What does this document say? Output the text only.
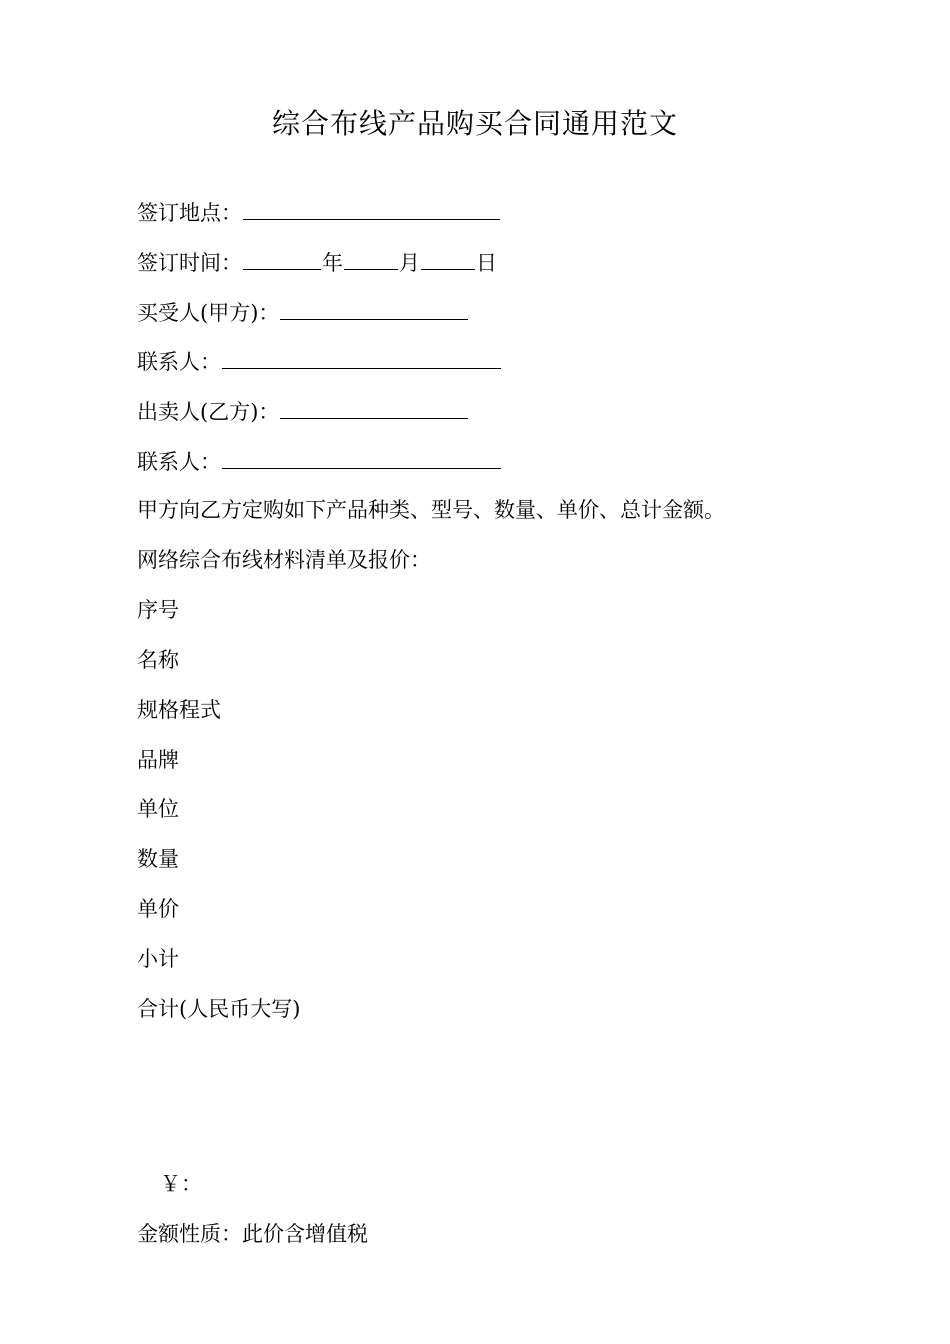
综合布线产品购买合同通用范文
签订地点：
签订时间：	年	月	日
买受人(甲方)：
联系人：
出卖人(乙方)：
联系人：
甲方向乙方定购如下产品种类、型号、数量、单价、总计金额。
网络综合布线材料清单及报价：
序号
名称
规格程式
品牌
单位
数量
单价
小计
合计(人民币大写)
￥：
金额性质：此价含增值税
